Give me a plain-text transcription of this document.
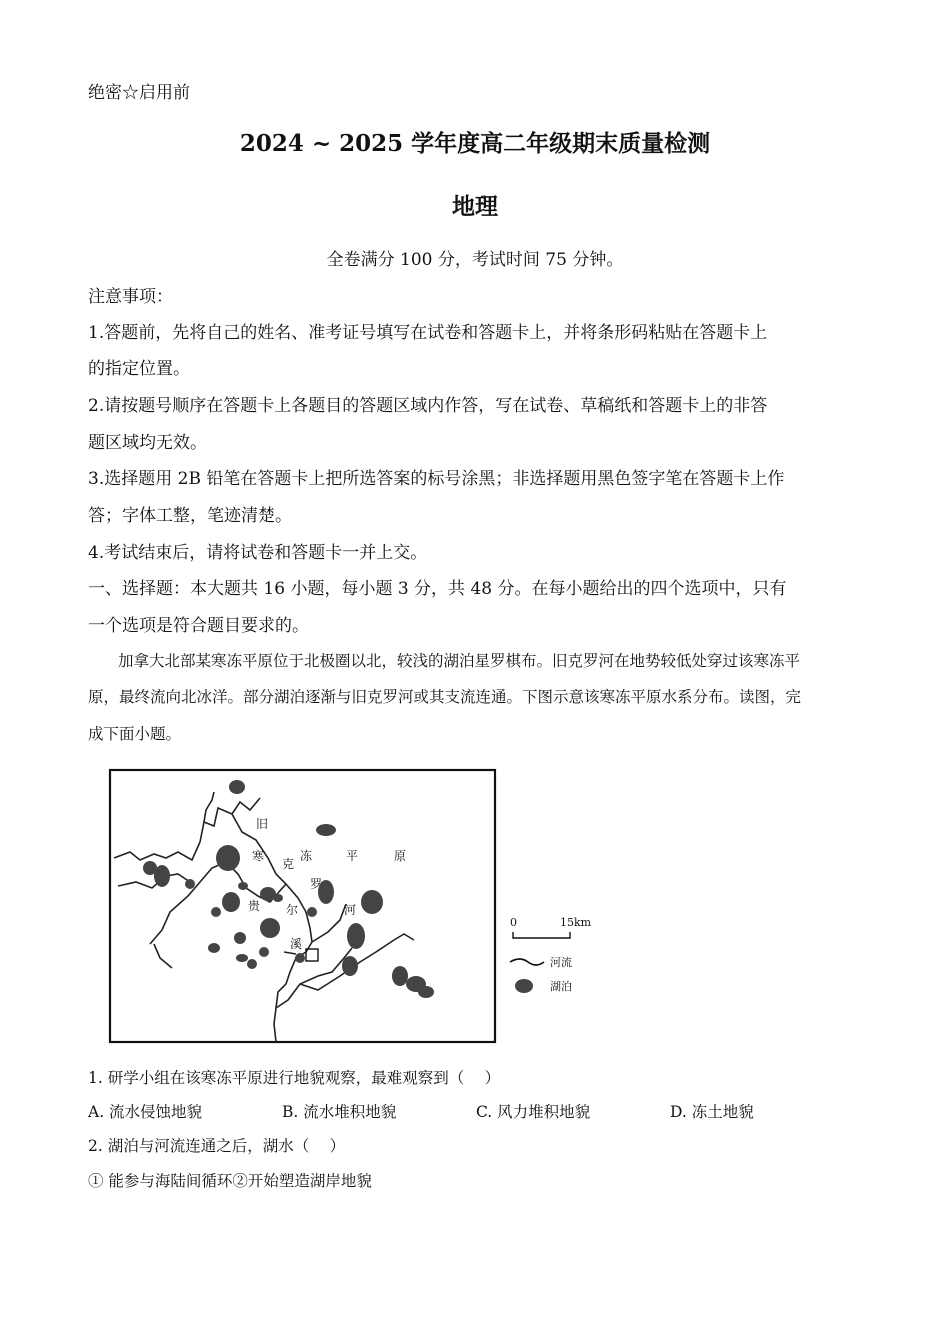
绝密☆启用前
2024 ~ 2025 学年度高二年级期末质量检测
地理
全卷满分 100 分，考试时间 75 分钟。
注意事项：
1.答题前，先将自己的姓名、准考证号填写在试卷和答题卡上，并将条形码粘贴在答题卡上
的指定位置。
2.请按题号顺序在答题卡上各题目的答题区域内作答，写在试卷、草稿纸和答题卡上的非答
题区域均无效。
3.选择题用 2B 铅笔在答题卡上把所选答案的标号涂黑；非选择题用黑色签字笔在答题卡上作
答；字体工整，笔迹清楚。
4.考试结束后，请将试卷和答题卡一并上交。
一、选择题：本大题共 16 小题，每小题 3 分，共 48 分。在每小题给出的四个选项中，只有
一个选项是符合题目要求的。
加拿大北部某寒冻平原位于北极圈以北，较浅的湖泊星罗棋布。旧克罗河在地势较低处穿过该寒冻平
原，最终流向北冰洋。部分湖泊逐渐与旧克罗河或其支流连通。下图示意该寒冻平原水系分布。读图，完
成下面小题。
旧
克
罗
河
寒	冻	平	原
贵 尔
溪
0	15km
河流
湖泊
1. 研学小组在该寒冻平原进行地貌观察，最难观察到（　 ）
A. 流水侵蚀地貌	B. 流水堆积地貌	C. 风力堆积地貌	D. 冻土地貌
2. 湖泊与河流连通之后，湖水（　 ）
① 能参与海陆间循环②开始塑造湖岸地貌
